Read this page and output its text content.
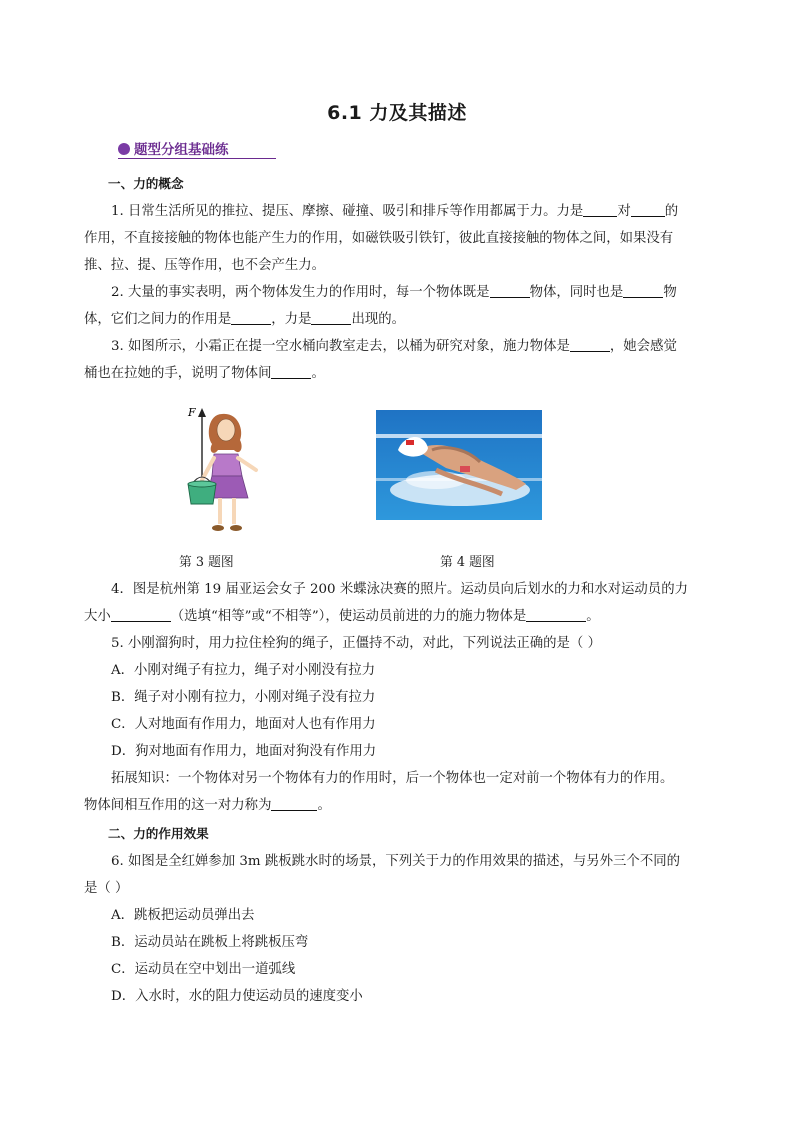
6.1 力及其描述
题型分组基础练
一、力的概念
1. 日常生活所见的推拉、提压、摩擦、碰撞、吸引和排斥等作用都属于力。力是	对	的
作用，不直接接触的物体也能产生力的作用，如磁铁吸引铁钉，彼此直接接触的物体之间，如果没有
推、拉、提、压等作用，也不会产生力。
2. 大量的事实表明，两个物体发生力的作用时，每一个物体既是	物体，同时也是	物
体，它们之间力的作用是	，力是	出现的。
3. 如图所示，小霜正在提一空水桶向教室走去，以桶为研究对象，施力物体是	，她会感觉
桶也在拉她的手，说明了物体间	。
F
第 3 题图	第 4 题图
4．图是杭州第 19 届亚运会女子 200 米蝶泳决赛的照片。运动员向后划水的力和水对运动员的力
大小	（选填“相等”或“不相等”），使运动员前进的力的施力物体是	。
5. 小刚溜狗时，用力拉住栓狗的绳子，正僵持不动，对此，下列说法正确的是（ ）
A．小刚对绳子有拉力，绳子对小刚没有拉力
B．绳子对小刚有拉力，小刚对绳子没有拉力
C．人对地面有作用力，地面对人也有作用力
D．狗对地面有作用力，地面对狗没有作用力
拓展知识：一个物体对另一个物体有力的作用时，后一个物体也一定对前一个物体有力的作用。
物体间相互作用的这一对力称为	。
二、力的作用效果
6. 如图是全红婵参加 3m 跳板跳水时的场景，下列关于力的作用效果的描述，与另外三个不同的
是（ ）
A．跳板把运动员弹出去
B．运动员站在跳板上将跳板压弯
C．运动员在空中划出一道弧线
D．入水时，水的阻力使运动员的速度变小
